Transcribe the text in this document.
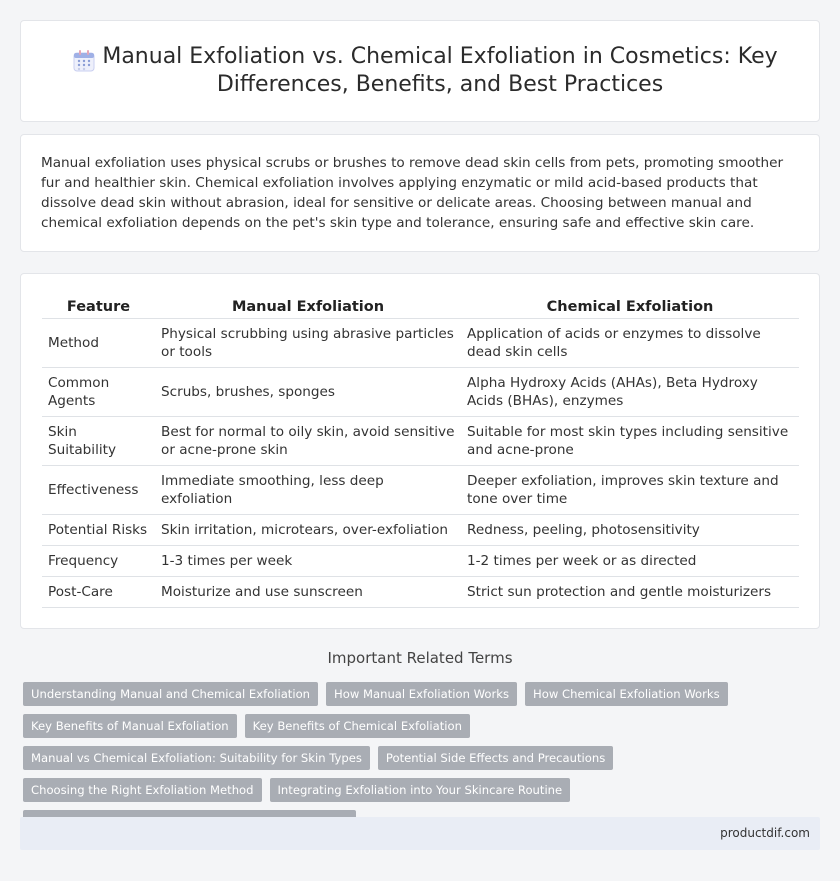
Manual Exfoliation vs. Chemical Exfoliation in Cosmetics: Key Differences, Benefits, and Best Practices

Manual exfoliation uses physical scrubs or brushes to remove dead skin cells from pets, promoting smoother fur and healthier skin. Chemical exfoliation involves applying enzymatic or mild acid-based products that dissolve dead skin without abrasion, ideal for sensitive or delicate areas. Choosing between manual and chemical exfoliation depends on the pet's skin type and tolerance, ensuring safe and effective skin care.

Feature	Manual Exfoliation	Chemical Exfoliation
Method	Physical scrubbing using abrasive particles or tools	Application of acids or enzymes to dissolve dead skin cells
Common Agents	Scrubs, brushes, sponges	Alpha Hydroxy Acids (AHAs), Beta Hydroxy Acids (BHAs), enzymes
Skin Suitability	Best for normal to oily skin, avoid sensitive or acne-prone skin	Suitable for most skin types including sensitive and acne-prone
Effectiveness	Immediate smoothing, less deep exfoliation	Deeper exfoliation, improves skin texture and tone over time
Potential Risks	Skin irritation, microtears, over-exfoliation	Redness, peeling, photosensitivity
Frequency	1-3 times per week	1-2 times per week or as directed
Post-Care	Moisturize and use sunscreen	Strict sun protection and gentle moisturizers
Important Related Terms
Understanding Manual and Chemical Exfoliation	How Manual Exfoliation Works	How Chemical Exfoliation Works
Key Benefits of Manual Exfoliation	Key Benefits of Chemical Exfoliation
Manual vs Chemical Exfoliation: Suitability for Skin Types	Potential Side Effects and Precautions
Choosing the Right Exfoliation Method	Integrating Exfoliation into Your Skincare Routine
productdif.com
